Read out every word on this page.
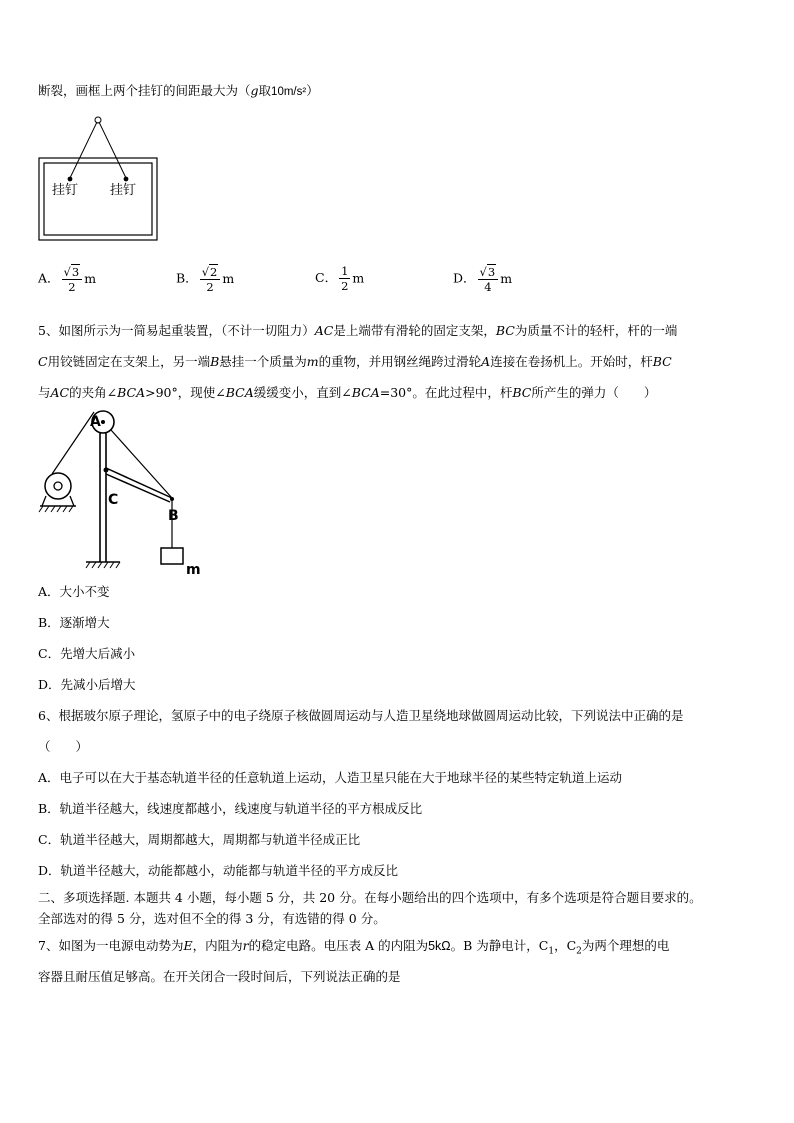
断裂，画框上两个挂钉的间距最大为（g取10m/s²）
挂钉 挂钉
A． $\frac{√3}{2}$ m	B． $\frac{√2}{2}$ m	C． $\frac{1}{2}$ m	D． $\frac{√3}{4}$ m
5、如图所示为一简易起重装置，（不计一切阻力）AC是上端带有滑轮的固定支架，BC为质量不计的轻杆，杆的一端
C用铰链固定在支架上，另一端B悬挂一个质量为m的重物，并用钢丝绳跨过滑轮A连接在卷扬机上。开始时，杆BC
与AC的夹角∠BCA>90°，现使∠BCA缓缓变小，直到∠BCA=30°。在此过程中，杆BC所产生的弹力（　　）
A
C
B
m
A．大小不变
B．逐渐增大
C．先增大后减小
D．先减小后增大
6、根据玻尔原子理论，氢原子中的电子绕原子核做圆周运动与人造卫星绕地球做圆周运动比较，下列说法中正确的是
（　　）
A．电子可以在大于基态轨道半径的任意轨道上运动，人造卫星只能在大于地球半径的某些特定轨道上运动
B．轨道半径越大，线速度都越小，线速度与轨道半径的平方根成反比
C．轨道半径越大，周期都越大，周期都与轨道半径成正比
D．轨道半径越大，动能都越小，动能都与轨道半径的平方成反比
二、多项选择题. 本题共 4 小题，每小题 5 分，共 20 分。在每小题给出的四个选项中，有多个选项是符合题目要求的。
全部选对的得 5 分，选对但不全的得 3 分，有选错的得 0 分。
7、如图为一电源电动势为E，内阻为r的稳定电路。电压表 A 的内阻为5kΩ。B 为静电计，$C_1$，$C_2$为两个理想的电
容器且耐压值足够高。在开关闭合一段时间后，下列说法正确的是
